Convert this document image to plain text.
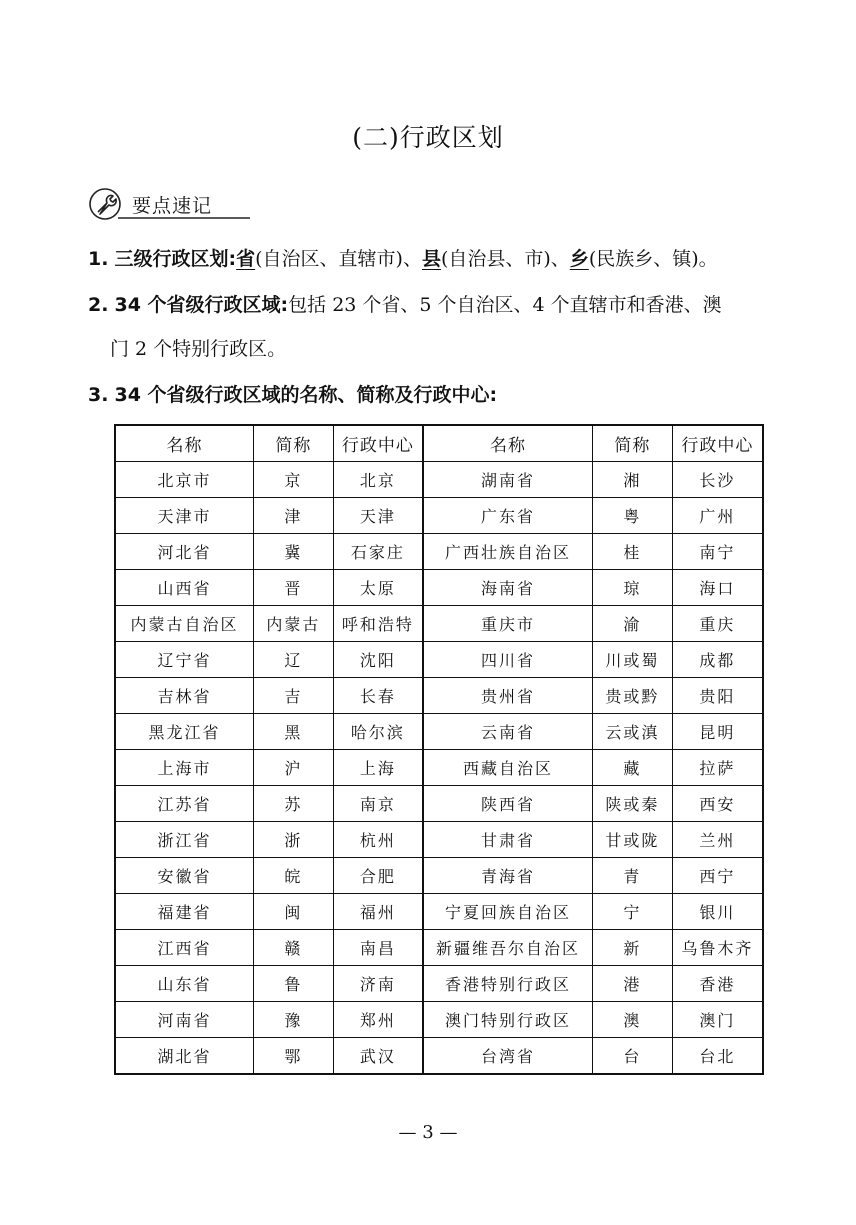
(二)行政区划
要点速记
1. 三级行政区划:省(自治区、直辖市)、县(自治县、市)、乡(民族乡、镇)。
2. 34 个省级行政区域:包括 23 个省、5 个自治区、4 个直辖市和香港、澳
门 2 个特别行政区。
3. 34 个省级行政区域的名称、简称及行政中心:
名称	简称	行政中心	名称	简称	行政中心
北京市	京	北京	湖南省	湘	长沙
天津市	津	天津	广东省	粤	广州
河北省	冀	石家庄	广西壮族自治区	桂	南宁
山西省	晋	太原	海南省	琼	海口
内蒙古自治区	内蒙古	呼和浩特	重庆市	渝	重庆
辽宁省	辽	沈阳	四川省	川或蜀	成都
吉林省	吉	长春	贵州省	贵或黔	贵阳
黑龙江省	黑	哈尔滨	云南省	云或滇	昆明
上海市	沪	上海	西藏自治区	藏	拉萨
江苏省	苏	南京	陕西省	陕或秦	西安
浙江省	浙	杭州	甘肃省	甘或陇	兰州
安徽省	皖	合肥	青海省	青	西宁
福建省	闽	福州	宁夏回族自治区	宁	银川
江西省	赣	南昌	新疆维吾尔自治区	新	乌鲁木齐
山东省	鲁	济南	香港特别行政区	港	香港
河南省	豫	郑州	澳门特别行政区	澳	澳门
湖北省	鄂	武汉	台湾省	台	台北
— 3 —
